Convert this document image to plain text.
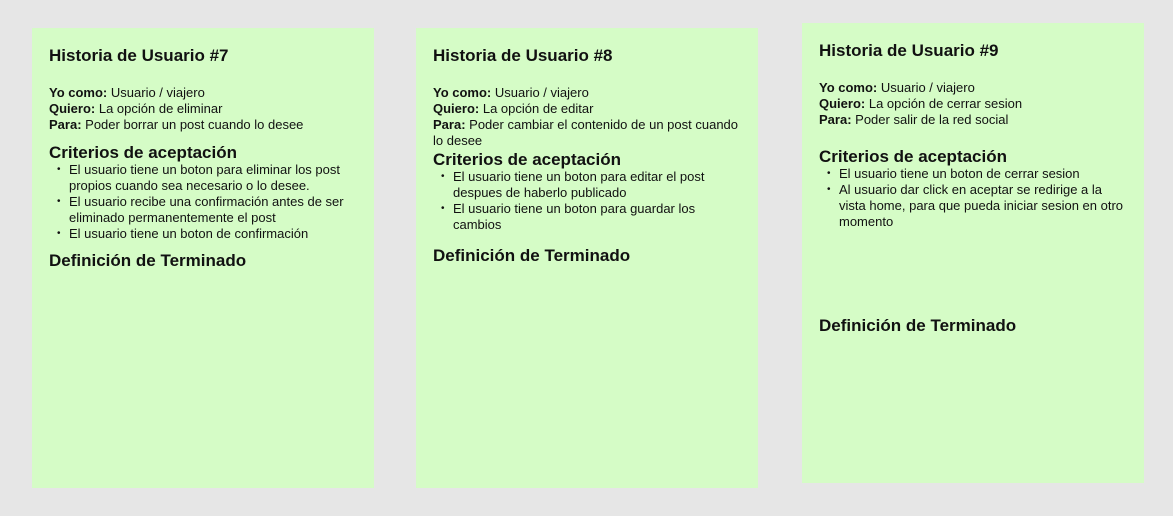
Historia de Usuario #7
Yo como: Usuario / viajero
Quiero: La opción de eliminar
Para: Poder borrar un post cuando lo desee
Criterios de aceptación
• El usuario tiene un boton para eliminar los post propios cuando sea necesario o lo desee.
• El usuario recibe una confirmación antes de ser eliminado permanentemente el post
• El usuario tiene un boton de confirmación
Definición de Terminado
Historia de Usuario #8
Yo como: Usuario / viajero
Quiero: La opción de editar
Para: Poder cambiar el contenido de un post cuando lo desee
Criterios de aceptación
• El usuario tiene un boton para editar el post despues de haberlo publicado
• El usuario tiene un boton para guardar los cambios
Definición de Terminado
Historia de Usuario #9
Yo como: Usuario / viajero
Quiero: La opción de cerrar sesion
Para: Poder salir de la red social
Criterios de aceptación
• El usuario tiene un boton de cerrar sesion
• Al usuario dar click en aceptar se redirige a la vista home, para que pueda iniciar sesion en otro momento
Definición de Terminado
